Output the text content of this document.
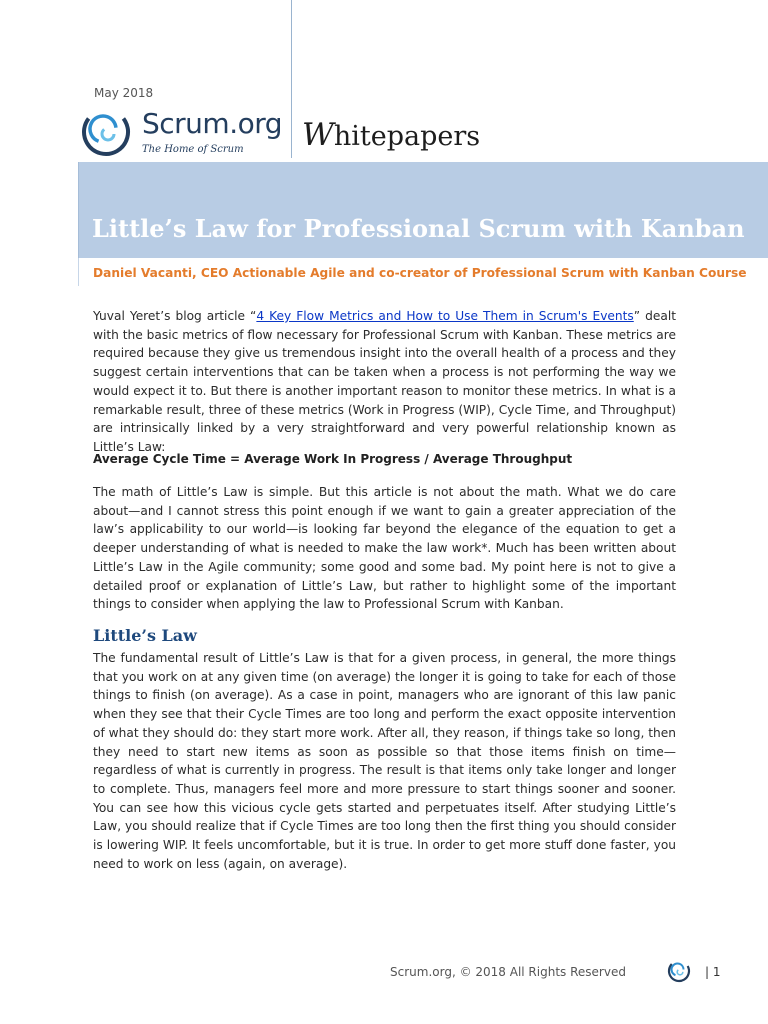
May 2018
Scrum.org
The Home of Scrum Whitepapers
Little’s Law for Professional Scrum with Kanban
Daniel Vacanti, CEO Actionable Agile and co-creator of Professional Scrum with Kanban Course
Yuval Yeret’s blog article “4 Key Flow Metrics and How to Use Them in Scrum's Events” dealt with the basic metrics of flow necessary for Professional Scrum with Kanban. These metrics are required because they give us tremendous insight into the overall health of a process and they suggest certain interventions that can be taken when a process is not performing the way we would expect it to. But there is another important reason to monitor these metrics. In what is a remarkable result, three of these metrics (Work in Progress (WIP), Cycle Time, and Throughput) are intrinsically linked by a very straightforward and very powerful relationship known as Little’s Law:
Average Cycle Time = Average Work In Progress / Average Throughput
The math of Little’s Law is simple. But this article is not about the math. What we do care about—and I cannot stress this point enough if we want to gain a greater appreciation of the law’s applicability to our world—is looking far beyond the elegance of the equation to get a deeper understanding of what is needed to make the law work*. Much has been written about Little’s Law in the Agile community; some good and some bad. My point here is not to give a detailed proof or explanation of Little’s Law, but rather to highlight some of the important things to consider when applying the law to Professional Scrum with Kanban.
Little’s Law
The fundamental result of Little’s Law is that for a given process, in general, the more things that you work on at any given time (on average) the longer it is going to take for each of those things to finish (on average). As a case in point, managers who are ignorant of this law panic when they see that their Cycle Times are too long and perform the exact opposite intervention of what they should do: they start more work. After all, they reason, if things take so long, then they need to start new items as soon as possible so that those items finish on time—regardless of what is currently in progress. The result is that items only take longer and longer to complete. Thus, managers feel more and more pressure to start things sooner and sooner. You can see how this vicious cycle gets started and perpetuates itself. After studying Little’s Law, you should realize that if Cycle Times are too long then the first thing you should consider is lowering WIP. It feels uncomfortable, but it is true. In order to get more stuff done faster, you need to work on less (again, on average).
Scrum.org, © 2018 All Rights Reserved	| 1
